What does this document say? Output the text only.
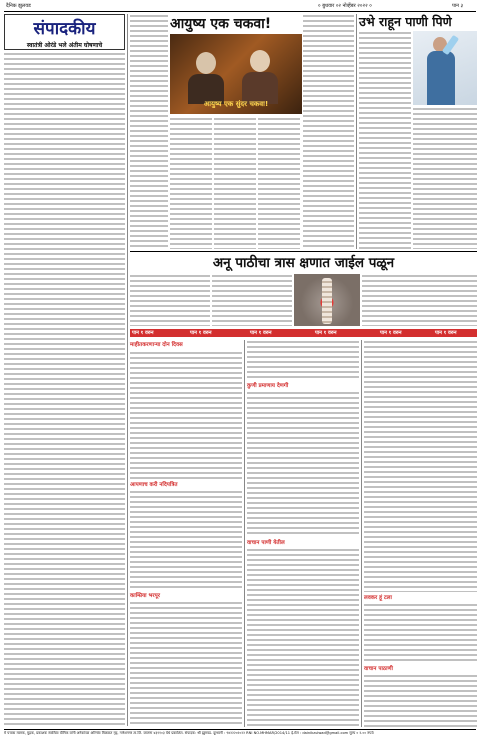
दैनिक झुलवड	० बुधवार ०२ नोव्हेंबर २०२२ ०	पान ३
संपादकीय
स्वातंत्री ओरंडे भले अंतीम घोषणाचे
आयुष्य एक चकवा!
आयुष्य एक सुंदर चकवा!
उभे राहून पाणी पिणे
अनू पाठीचा त्रास क्षणात जाईल पळून
पान १ वरुन	पान १ वरुन	पान १ वरुन	पान १ वरुन	पान १ वरुन	पान १ वरुन
माहीतकरणाऱ्या दोन दिवस
आपणाच करी नदिपत्रित
काम्प्रिया भरपूर
कुणी प्रमाणाय देणगी
वाचान पाणी येतील
लवकर हूं टला
वाचान पाठाणी
मे पचका मालक, मुद्रक, प्रकाशक स्वामित्व यौगिक यांनी अनेकांव्या ओरेगांव मिळकत गृह, गणेशनगर ता.जि. जालना ४३११०३ येथे प्रकाशित. संपादक: श्री झुलवड. दूरध्वनी : ९४२२२०२०२२ RNI NO.MHMAR/2014/11 ई-मेल : dainikzulwad@gmail.com मूल्य ० २.०० रुपये
